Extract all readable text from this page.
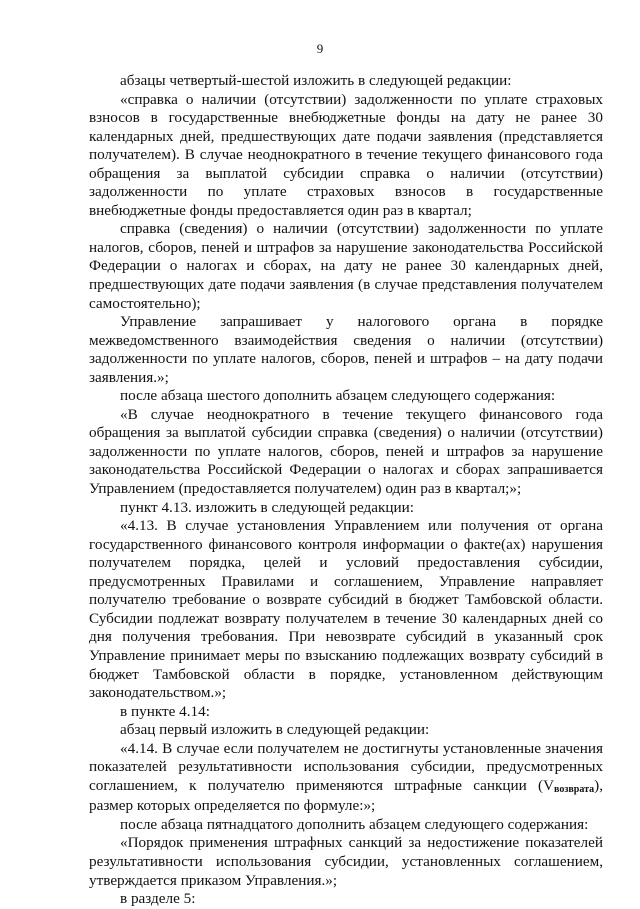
9

абзацы четвертый-шестой изложить в следующей редакции:

«справка о наличии (отсутствии) задолженности по уплате страховых взносов в государственные внебюджетные фонды на дату не ранее 30 календарных дней, предшествующих дате подачи заявления (представляется получателем). В случае неоднократного в течение текущего финансового года обращения за выплатой субсидии справка о наличии (отсутствии) задолженности по уплате страховых взносов в государственные внебюджетные фонды предоставляется один раз в квартал;

справка (сведения) о наличии (отсутствии) задолженности по уплате налогов, сборов, пеней и штрафов за нарушение законодательства Российской Федерации о налогах и сборах, на дату не ранее 30 календарных дней, предшествующих дате подачи заявления (в случае представления получателем самостоятельно);

Управление запрашивает у налогового органа в порядке межведомственного взаимодействия сведения о наличии (отсутствии) задолженности по уплате налогов, сборов, пеней и штрафов – на дату подачи заявления.»;

после абзаца шестого дополнить абзацем следующего содержания:

«В случае неоднократного в течение текущего финансового года обращения за выплатой субсидии справка (сведения) о наличии (отсутствии) задолженности по уплате налогов, сборов, пеней и штрафов за нарушение законодательства Российской Федерации о налогах и сборах запрашивается Управлением (предоставляется получателем) один раз в квартал;»;

пункт 4.13. изложить в следующей редакции:

«4.13. В случае установления Управлением или получения от органа государственного финансового контроля информации о факте(ах) нарушения получателем порядка, целей и условий предоставления субсидии, предусмотренных Правилами и соглашением, Управление направляет получателю требование о возврате субсидий в бюджет Тамбовской области. Субсидии подлежат возврату получателем в течение 30 календарных дней со дня получения требования. При невозврате субсидий в указанный срок Управление принимает меры по взысканию подлежащих возврату субсидий в бюджет Тамбовской области в порядке, установленном действующим законодательством.»;

в пункте 4.14:

абзац первый изложить в следующей редакции:

«4.14. В случае если получателем не достигнуты установленные значения показателей результативности использования субсидии, предусмотренных соглашением, к получателю применяются штрафные санкции (Vвозврата), размер которых определяется по формуле:»;

после абзаца пятнадцатого дополнить абзацем следующего содержания:

«Порядок применения штрафных санкций за недостижение показателей результативности использования субсидии, установленных соглашением, утверждается приказом Управления.»;

в разделе 5:
